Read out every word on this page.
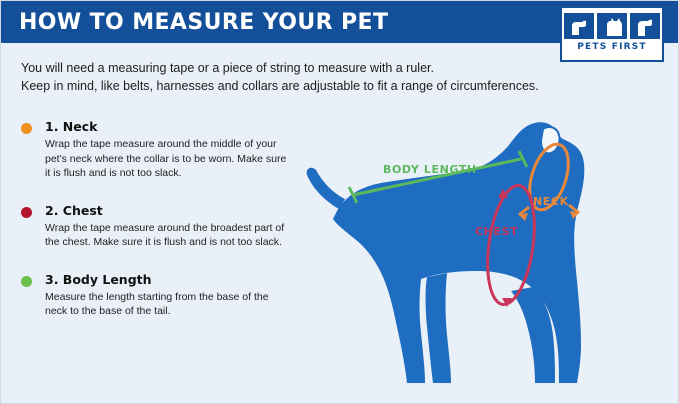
HOW TO MEASURE YOUR PET
PETS FIRST
You will need a measuring tape or a piece of string to measure with a ruler.
Keep in mind, like belts, harnesses and collars are adjustable to fit a range of circumferences.
1. Neck
Wrap the tape measure around the middle of your pet's neck where the collar is to be worn. Make sure it is flush and is not too slack.
2. Chest
Wrap the tape measure around the broadest part of the chest. Make sure it is flush and is not too slack.
3. Body Length
Measure the length starting from the base of the neck to the base of the tail.
BODY LENGTH
NECK
CHEST
